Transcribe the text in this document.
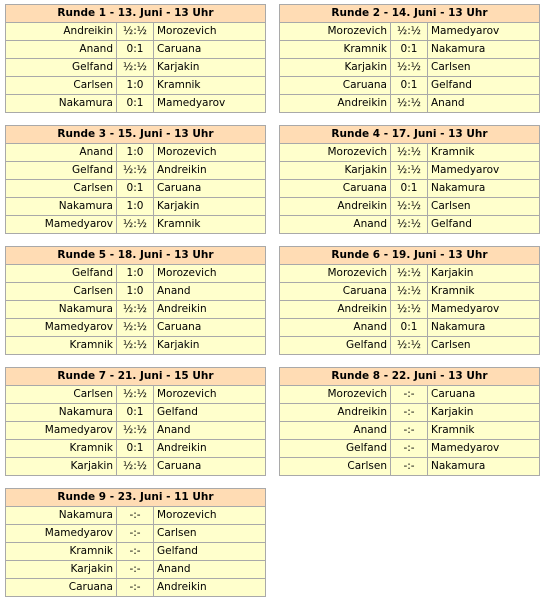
Runde 1 - 13. Juni - 13 Uhr
Andreikin ½:½ Morozevich
Anand	0:1	Caruana
Gelfand ½:½ Karjakin
Carlsen	1:0	Kramnik
Nakamura	0:1	Mamedyarov
Runde 2 - 14. Juni - 13 Uhr
Morozevich ½:½ Mamedyarov
Kramnik	0:1	Nakamura
Karjakin ½:½ Carlsen
Caruana	0:1	Gelfand
Andreikin ½:½ Anand
Runde 3 - 15. Juni - 13 Uhr
Anand	1:0	Morozevich
Gelfand ½:½ Andreikin
Carlsen	0:1	Caruana
Nakamura	1:0	Karjakin
Mamedyarov ½:½ Kramnik
Runde 4 - 17. Juni - 13 Uhr
Morozevich ½:½ Kramnik
Karjakin ½:½ Mamedyarov
Caruana	0:1	Nakamura
Andreikin ½:½ Carlsen
Anand ½:½ Gelfand
Runde 5 - 18. Juni - 13 Uhr
Gelfand	1:0	Morozevich
Carlsen	1:0	Anand
Nakamura ½:½ Andreikin
Mamedyarov ½:½ Caruana
Kramnik ½:½ Karjakin
Runde 6 - 19. Juni - 13 Uhr
Morozevich ½:½ Karjakin
Caruana ½:½ Kramnik
Andreikin ½:½ Mamedyarov
Anand	0:1	Nakamura
Gelfand ½:½ Carlsen
Runde 7 - 21. Juni - 15 Uhr
Carlsen ½:½ Morozevich
Nakamura	0:1	Gelfand
Mamedyarov ½:½ Anand
Kramnik	0:1	Andreikin
Karjakin ½:½ Caruana
Runde 8 - 22. Juni - 13 Uhr
Morozevich	-:-	Caruana
Andreikin	-:-	Karjakin
Anand	-:-	Kramnik
Gelfand	-:-	Mamedyarov
Carlsen	-:-	Nakamura
Runde 9 - 23. Juni - 11 Uhr
Nakamura	-:-	Morozevich
Mamedyarov	-:-	Carlsen
Kramnik	-:-	Gelfand
Karjakin	-:-	Anand
Caruana	-:-	Andreikin
